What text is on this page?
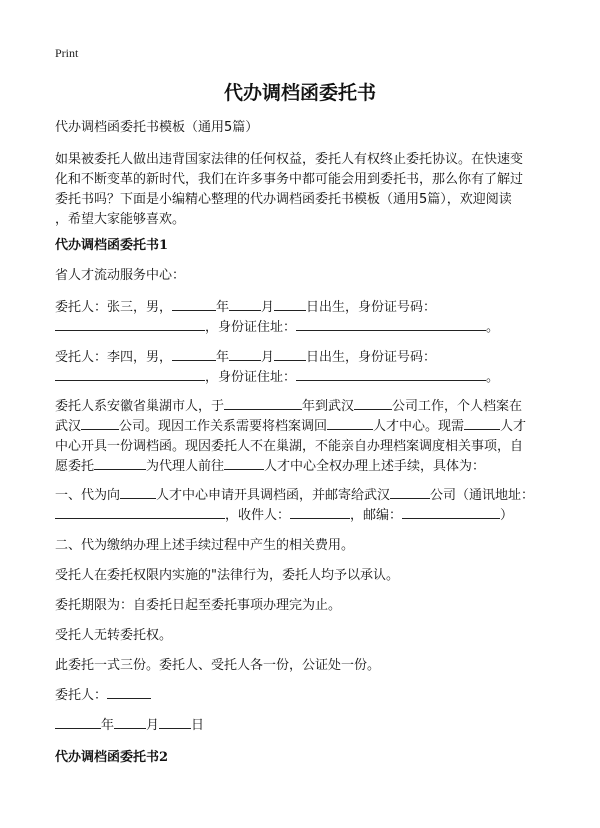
Print
代办调档函委托书
代办调档函委托书模板（通用5篇）
如果被委托人做出违背国家法律的任何权益，委托人有权终止委托协议。在快速变
化和不断变革的新时代，我们在许多事务中都可能会用到委托书，那么你有了解过
委托书吗？下面是小编精心整理的代办调档函委托书模板（通用5篇），欢迎阅读
，希望大家能够喜欢。
代办调档函委托书1
省人才流动服务中心：
委托人：张三，男，	年 月 日出生，身份证号码：
，身份证住址：	。
受托人：李四，男，	年 月 日出生，身份证号码：
，身份证住址：	。
委托人系安徽省巢湖市人，于	年到武汉	公司工作，个人档案在
武汉	公司。现因工作关系需要将档案调回	人才中心。现需	人才
中心开具一份调档函。现因委托人不在巢湖，不能亲自办理档案调度相关事项，自
愿委托	为代理人前往	人才中心全权办理上述手续，具体为：
一、代为向	人才中心申请开具调档函，并邮寄给武汉	公司（通讯地址：
，收件人：	，邮编：	）
二、代为缴纳办理上述手续过程中产生的相关费用。
受托人在委托权限内实施的"法律行为，委托人均予以承认。
委托期限为：自委托日起至委托事项办理完为止。
受托人无转委托权。
此委托一式三份。委托人、受托人各一份，公证处一份。
委托人：
年 月 日
代办调档函委托书2
